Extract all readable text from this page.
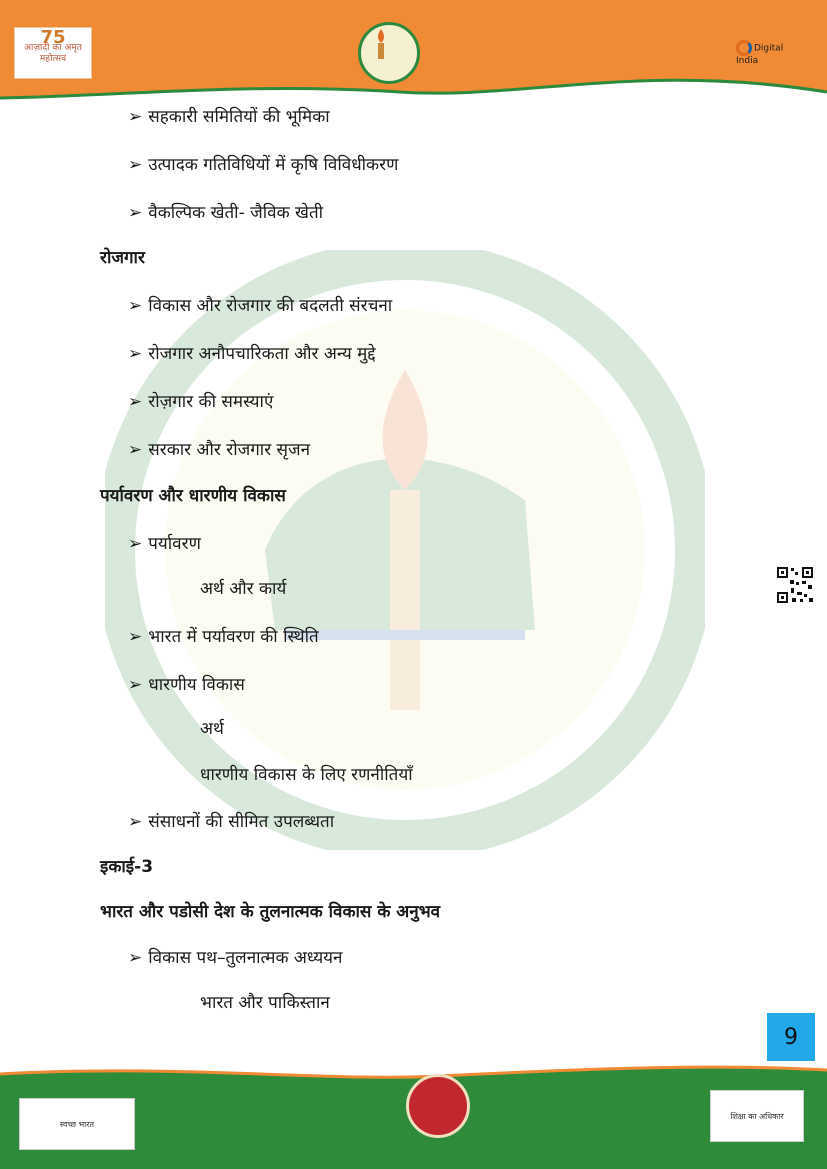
75
आज़ादी का अमृत महोत्सव
Digital India
➢ सहकारी समितियों की भूमिका
➢ उत्पादक गतिविधियों में कृषि विविधीकरण
➢ वैकल्पिक खेती- जैविक खेती
रोजगार
➢ विकास और रोजगार की बदलती संरचना
➢ रोजगार अनौपचारिकता और अन्य मुद्दे
➢ रोज़गार की समस्याएं
➢ सरकार और रोजगार सृजन
पर्यावरण और धारणीय विकास
➢ पर्यावरण
अर्थ और कार्य
➢ भारत में पर्यावरण की स्थिति
➢ धारणीय विकास
अर्थ
धारणीय विकास के लिए रणनीतियाँ
➢ संसाधनों की सीमित उपलब्धता
इकाई-3
भारत और पडोसी देश के तुलनात्मक विकास के अनुभव
➢ विकास पथ–तुलनात्मक अध्ययन
भारत और पाकिस्तान
9
स्वच्छ भारत
शिक्षा का अधिकार
